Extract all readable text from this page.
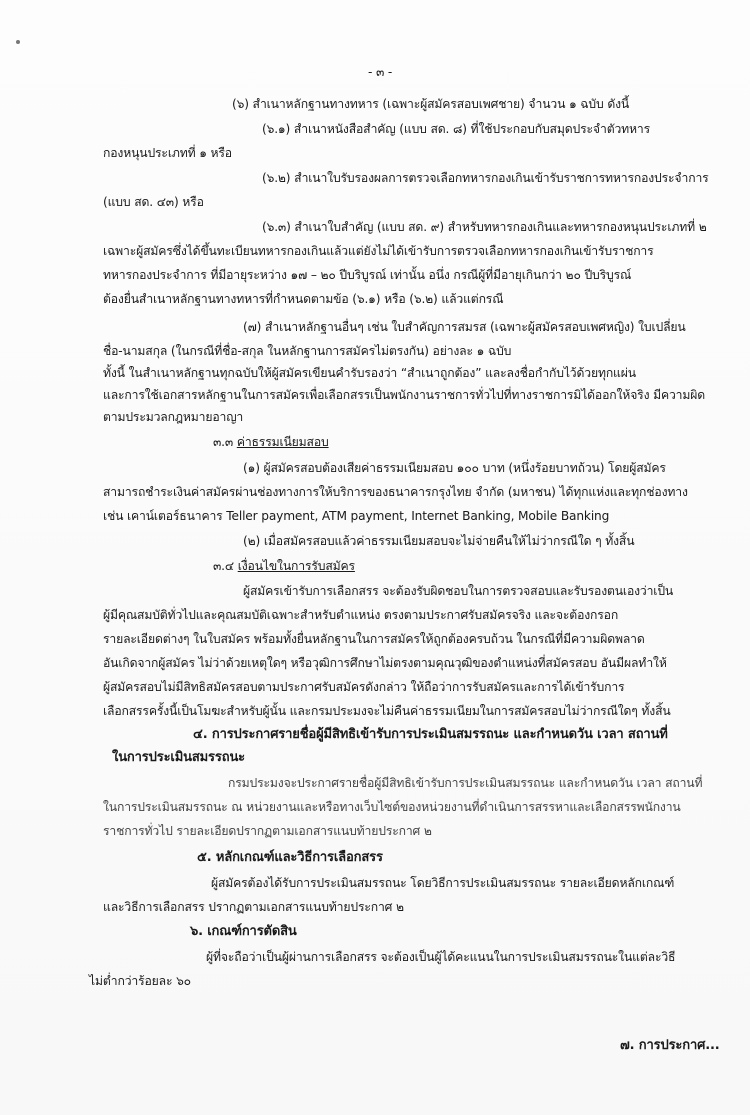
- ๓ -
(๖) สำเนาหลักฐานทางทหาร (เฉพาะผู้สมัครสอบเพศชาย) จำนวน ๑ ฉบับ ดังนี้
(๖.๑) สำเนาหนังสือสำคัญ (แบบ สด. ๘) ที่ใช้ประกอบกับสมุดประจำตัวทหาร
กองหนุนประเภทที่ ๑ หรือ
(๖.๒) สำเนาใบรับรองผลการตรวจเลือกทหารกองเกินเข้ารับราชการทหารกองประจำการ
(แบบ สด. ๔๓) หรือ
(๖.๓) สำเนาใบสำคัญ (แบบ สด. ๙) สำหรับทหารกองเกินและทหารกองหนุนประเภทที่ ๒
เฉพาะผู้สมัครซึ่งได้ขึ้นทะเบียนทหารกองเกินแล้วแต่ยังไม่ได้เข้ารับการตรวจเลือกทหารกองเกินเข้ารับราชการ
ทหารกองประจำการ ที่มีอายุระหว่าง ๑๗ – ๒๐ ปีบริบูรณ์ เท่านั้น อนึ่ง กรณีผู้ที่มีอายุเกินกว่า ๒๐ ปีบริบูรณ์
ต้องยื่นสำเนาหลักฐานทางทหารที่กำหนดตามข้อ (๖.๑) หรือ (๖.๒) แล้วแต่กรณี
(๗) สำเนาหลักฐานอื่นๆ เช่น ใบสำคัญการสมรส (เฉพาะผู้สมัครสอบเพศหญิง) ใบเปลี่ยน
ชื่อ-นามสกุล (ในกรณีที่ชื่อ-สกุล ในหลักฐานการสมัครไม่ตรงกัน) อย่างละ ๑ ฉบับ
ทั้งนี้ ในสำเนาหลักฐานทุกฉบับให้ผู้สมัครเขียนคำรับรองว่า “สำเนาถูกต้อง” และลงชื่อกำกับไว้ด้วยทุกแผ่น
และการใช้เอกสารหลักฐานในการสมัครเพื่อเลือกสรรเป็นพนักงานราชการทั่วไปที่ทางราชการมิได้ออกให้จริง มีความผิด
ตามประมวลกฎหมายอาญา
๓.๓ ค่าธรรมเนียมสอบ
(๑) ผู้สมัครสอบต้องเสียค่าธรรมเนียมสอบ ๑๐๐ บาท (หนึ่งร้อยบาทถ้วน) โดยผู้สมัคร
สามารถชำระเงินค่าสมัครผ่านช่องทางการให้บริการของธนาคารกรุงไทย จำกัด (มหาชน) ได้ทุกแห่งและทุกช่องทาง
เช่น เคาน์เตอร์ธนาคาร Teller payment, ATM payment, Internet Banking, Mobile Banking
(๒) เมื่อสมัครสอบแล้วค่าธรรมเนียมสอบจะไม่จ่ายคืนให้ไม่ว่ากรณีใด ๆ ทั้งสิ้น
๓.๔ เงื่อนไขในการรับสมัคร
ผู้สมัครเข้ารับการเลือกสรร จะต้องรับผิดชอบในการตรวจสอบและรับรองตนเองว่าเป็น
ผู้มีคุณสมบัติทั่วไปและคุณสมบัติเฉพาะสำหรับตำแหน่ง ตรงตามประกาศรับสมัครจริง และจะต้องกรอก
รายละเอียดต่างๆ ในใบสมัคร พร้อมทั้งยื่นหลักฐานในการสมัครให้ถูกต้องครบถ้วน ในกรณีที่มีความผิดพลาด
อันเกิดจากผู้สมัคร ไม่ว่าด้วยเหตุใดๆ หรือวุฒิการศึกษาไม่ตรงตามคุณวุฒิของตำแหน่งที่สมัครสอบ อันมีผลทำให้
ผู้สมัครสอบไม่มีสิทธิสมัครสอบตามประกาศรับสมัครดังกล่าว ให้ถือว่าการรับสมัครและการได้เข้ารับการ
เลือกสรรครั้งนี้เป็นโมฆะสำหรับผู้นั้น และกรมประมงจะไม่คืนค่าธรรมเนียมในการสมัครสอบไม่ว่ากรณีใดๆ ทั้งสิ้น
๔. การประกาศรายชื่อผู้มีสิทธิเข้ารับการประเมินสมรรถนะ และกำหนดวัน เวลา สถานที่
ในการประเมินสมรรถนะ
กรมประมงจะประกาศรายชื่อผู้มีสิทธิเข้ารับการประเมินสมรรถนะ และกำหนดวัน เวลา สถานที่
ในการประเมินสมรรถนะ ณ หน่วยงานและหรือทางเว็บไซต์ของหน่วยงานที่ดำเนินการสรรหาและเลือกสรรพนักงาน
ราชการทั่วไป รายละเอียดปรากฏตามเอกสารแนบท้ายประกาศ ๒
๕. หลักเกณฑ์และวิธีการเลือกสรร
ผู้สมัครต้องได้รับการประเมินสมรรถนะ โดยวิธีการประเมินสมรรถนะ รายละเอียดหลักเกณฑ์
และวิธีการเลือกสรร ปรากฏตามเอกสารแนบท้ายประกาศ ๒
๖. เกณฑ์การตัดสิน
ผู้ที่จะถือว่าเป็นผู้ผ่านการเลือกสรร จะต้องเป็นผู้ได้คะแนนในการประเมินสมรรถนะในแต่ละวิธี
ไม่ต่ำกว่าร้อยละ ๖๐
๗. การประกาศ...
